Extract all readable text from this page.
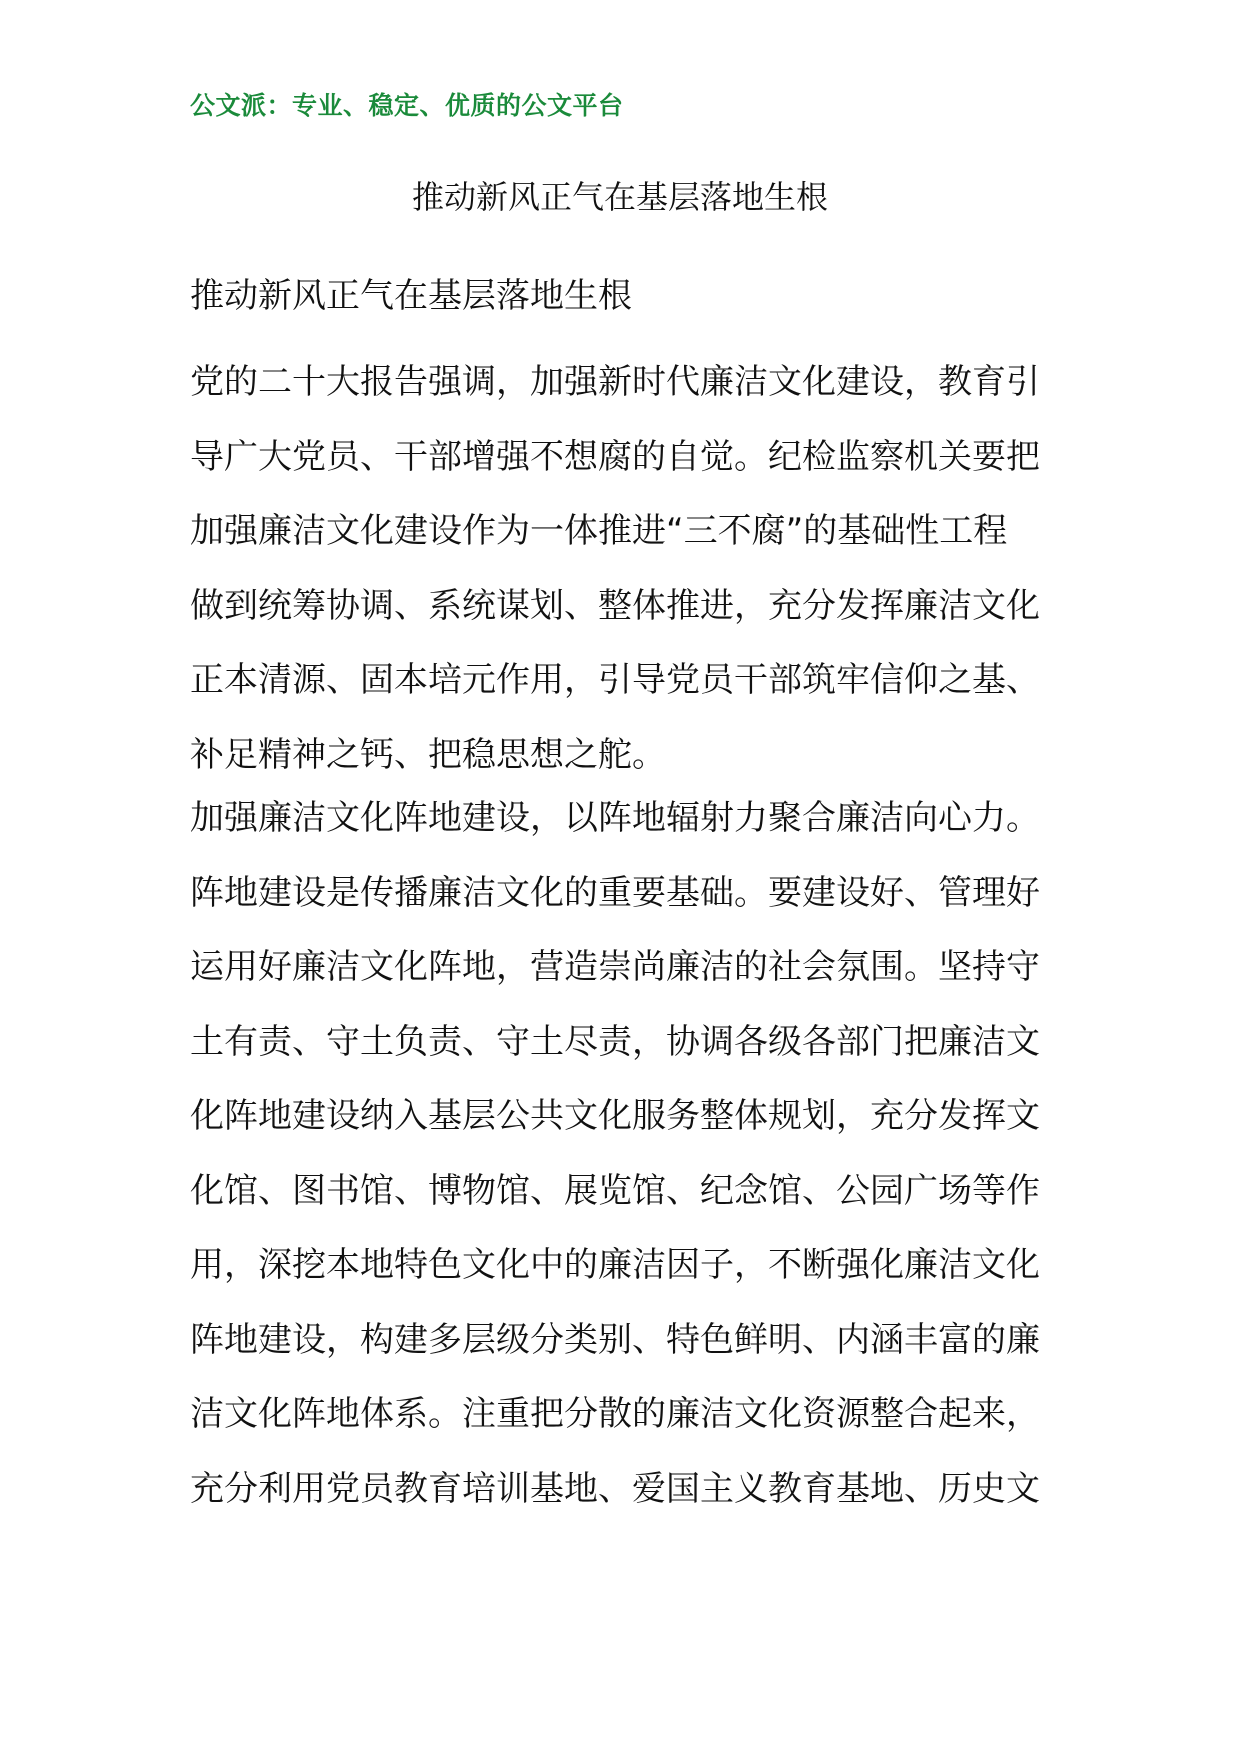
公文派：专业、稳定、优质的公文平台
推动新风正气在基层落地生根
推动新风正气在基层落地生根
党的二十大报告强调，加强新时代廉洁文化建设，教育引
导广大党员、干部增强不想腐的自觉。纪检监察机关要把
加强廉洁文化建设作为一体推进“三不腐”的基础性工程
做到统筹协调、系统谋划、整体推进，充分发挥廉洁文化
正本清源、固本培元作用，引导党员干部筑牢信仰之基、
补足精神之钙、把稳思想之舵。
加强廉洁文化阵地建设，以阵地辐射力聚合廉洁向心力。
阵地建设是传播廉洁文化的重要基础。要建设好、管理好
运用好廉洁文化阵地，营造崇尚廉洁的社会氛围。坚持守
土有责、守土负责、守土尽责，协调各级各部门把廉洁文
化阵地建设纳入基层公共文化服务整体规划，充分发挥文
化馆、图书馆、博物馆、展览馆、纪念馆、公园广场等作
用，深挖本地特色文化中的廉洁因子，不断强化廉洁文化
阵地建设，构建多层级分类别、特色鲜明、内涵丰富的廉
洁文化阵地体系。注重把分散的廉洁文化资源整合起来，
充分利用党员教育培训基地、爱国主义教育基地、历史文
